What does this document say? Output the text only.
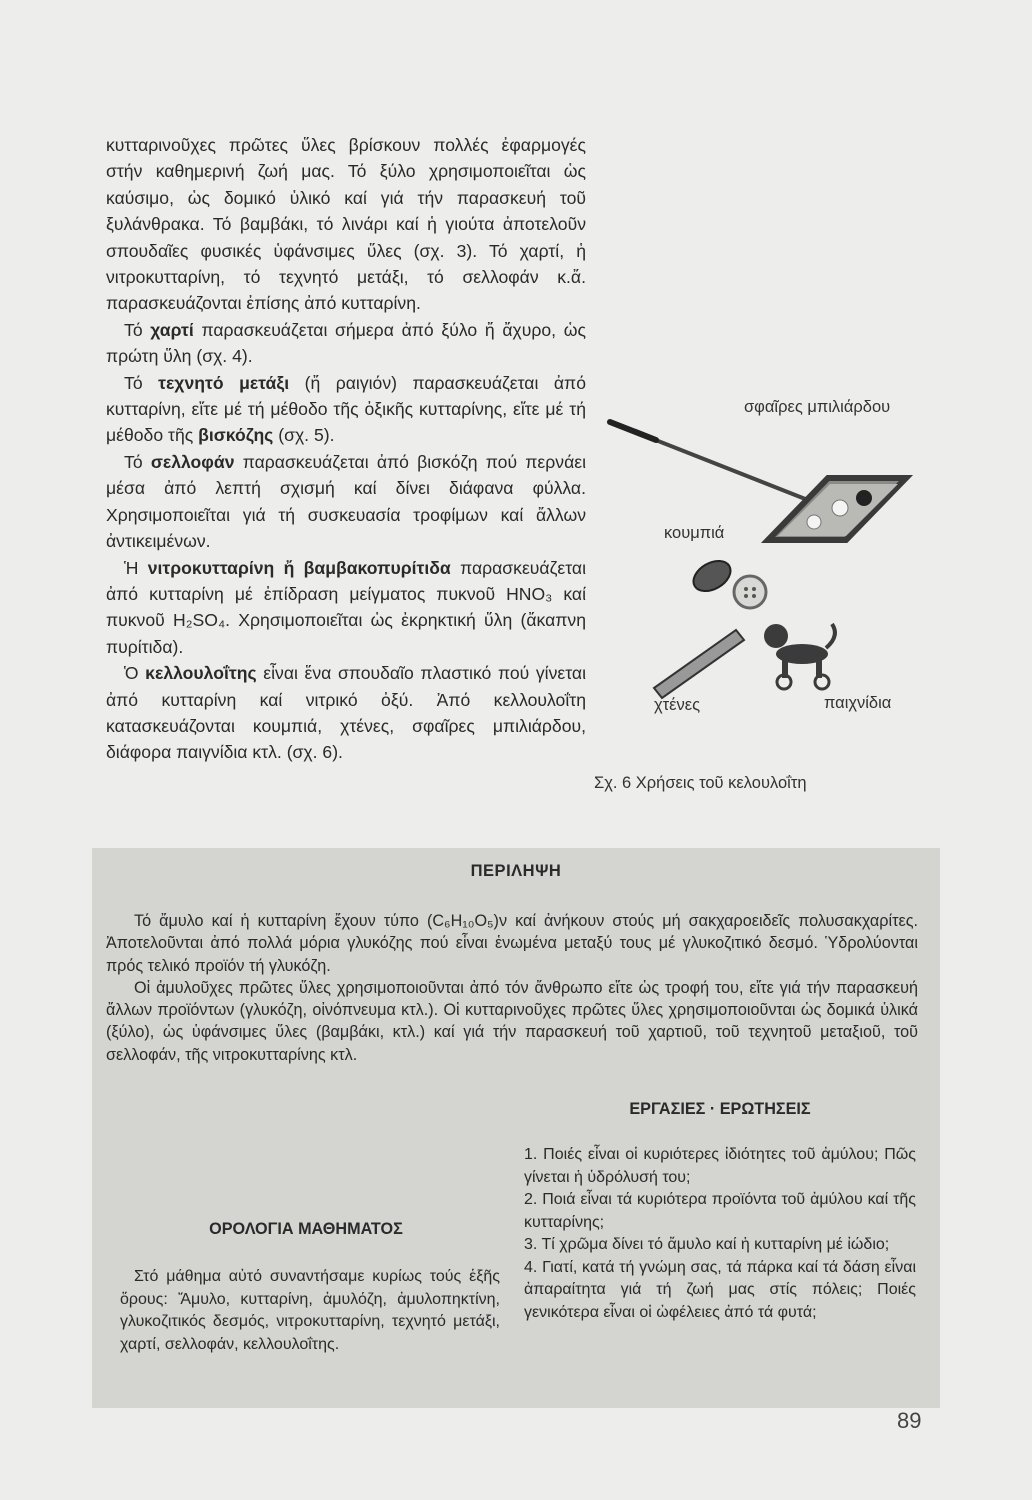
κυτταρινοῦχες πρῶτες ὕλες βρίσκουν πολλές ἐφαρμογές στήν καθημερινή ζωή μας. Τό ξύλο χρησιμοποιεῖται ὡς καύσιμο, ὡς δομικό ὑλικό καί γιά τήν παρασκευή τοῦ ξυλάνθρακα. Τό βαμβάκι, τό λινάρι καί ἡ γιούτα ἀποτελοῦν σπουδαῖες φυσικές ὑφάνσιμες ὕλες (σχ. 3). Τό χαρτί, ἡ νιτροκυτταρίνη, τό τεχνητό μετάξι, τό σελλοφάν κ.ἄ. παρασκευάζονται ἐπίσης ἀπό κυτταρίνη.

Τό χαρτί παρασκευάζεται σήμερα ἀπό ξύλο ἤ ἄχυρο, ὡς πρώτη ὕλη (σχ. 4).

Τό τεχνητό μετάξι (ἤ ραιγιόν) παρασκευάζεται ἀπό κυτταρίνη, εἴτε μέ τή μέθοδο τῆς ὀξικῆς κυτταρίνης, εἴτε μέ τή μέθοδο τῆς βισκόζης (σχ. 5).

Τό σελλοφάν παρασκευάζεται ἀπό βισκόζη πού περνάει μέσα ἀπό λεπτή σχισμή καί δίνει διάφανα φύλλα. Χρησιμοποιεῖται γιά τή συσκευασία τροφίμων καί ἄλλων ἀντικειμένων.

Ἡ νιτροκυτταρίνη ἤ βαμβακοπυρίτιδα παρασκευάζεται ἀπό κυτταρίνη μέ ἐπίδραση μείγματος πυκνοῦ HNO₃ καί πυκνοῦ H₂SO₄. Χρησιμοποιεῖται ὡς ἐκρηκτική ὕλη (ἄκαπνη πυρίτιδα).

Ὁ κελλουλοΐτης εἶναι ἕνα σπουδαῖο πλαστικό πού γίνεται ἀπό κυτταρίνη καί νιτρικό ὀξύ. Ἀπό κελλουλοΐτη κατασκευάζονται κουμπιά, χτένες, σφαῖρες μπιλιάρδου, διάφορα παιγνίδια κτλ. (σχ. 6).

σφαῖρες μπιλιάρδου
κουμπιά
χτένες	παιχνίδια
Σχ. 6 Χρήσεις τοῦ κελουλοΐτη
ΠΕΡΙΛΗΨΗ

Τό ἄμυλο καί ἡ κυτταρίνη ἔχουν τύπο (C₆H₁₀O₅)ν καί ἀνήκουν στούς μή σακχαροειδεῖς πολυσακχαρίτες. Ἀποτελοῦνται ἀπό πολλά μόρια γλυκόζης πού εἶναι ἑνωμένα μεταξύ τους μέ γλυκοζιτικό δεσμό. Ὑδρολύονται πρός τελικό προϊόν τή γλυκόζη.

Οἱ ἀμυλοῦχες πρῶτες ὕλες χρησιμοποιοῦνται ἀπό τόν ἄνθρωπο εἴτε ὡς τροφή του, εἴτε γιά τήν παρασκευή ἄλλων προϊόντων (γλυκόζη, οἰνόπνευμα κτλ.). Οἱ κυτταρινοῦχες πρῶτες ὕλες χρησιμοποιοῦνται ὡς δομικά ὑλικά (ξύλο), ὡς ὑφάνσιμες ὕλες (βαμβάκι, κτλ.) καί γιά τήν παρασκευή τοῦ χαρτιοῦ, τοῦ τεχνητοῦ μεταξιοῦ, τοῦ σελλοφάν, τῆς νιτροκυτταρίνης κτλ.

ΟΡΟΛΟΓΙΑ ΜΑΘΗΜΑΤΟΣ
Στό μάθημα αὐτό συναντήσαμε κυρίως τούς ἑξῆς ὅρους: Ἄμυλο, κυτταρίνη, ἀμυλόζη, ἀμυλοπηκτίνη, γλυκοζιτικός δεσμός, νιτροκυτταρίνη, τεχνητό μετάξι, χαρτί, σελλοφάν, κελλουλοΐτης.
ΕΡΓΑΣΙΕΣ · ΕΡΩΤΗΣΕΙΣ
1. Ποιές εἶναι οἱ κυριότερες ἰδιότητες τοῦ ἀμύλου; Πῶς γίνεται ἡ ὑδρόλυσή του;
2. Ποιά εἶναι τά κυριότερα προϊόντα τοῦ ἀμύλου καί τῆς κυτταρίνης;
3. Τί χρῶμα δίνει τό ἄμυλο καί ἡ κυτταρίνη μέ ἰώδιο;
4. Γιατί, κατά τή γνώμη σας, τά πάρκα καί τά δάση εἶναι ἀπαραίτητα γιά τή ζωή μας στίς πόλεις; Ποιές γενικότερα εἶναι οἱ ὠφέλειες ἀπό τά φυτά;
89
